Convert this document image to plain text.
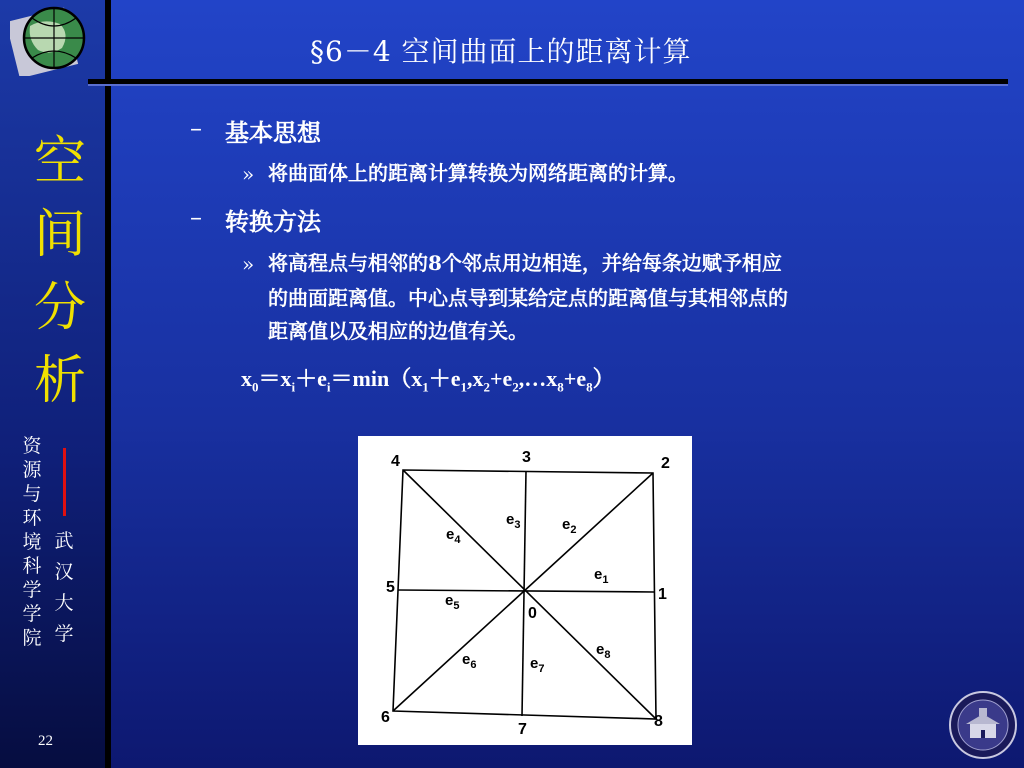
空
间
分
析
资
源
与
环
境
科
学
学
院
武
汉
大
学
22
§6－4 空间曲面上的距离计算
– 基本思想
» 将曲面体上的距离计算转换为网络距离的计算。
– 转换方法
» 将高程点与相邻的8个邻点用边相连，并给每条边赋予相应
的曲面距离值。中心点导到某给定点的距离值与其相邻点的
距离值以及相应的边值有关。
$x_0=x_i+e_i=\min(x_1+e_1,x_2+e_2,\dots x_8+e_8)$
4	3	2
5	1
0
6
7	8
$e_3$	$e_2$
$e_4$
$e_1$
$e_5$
$e_6$	$e_7$
$e_8$
